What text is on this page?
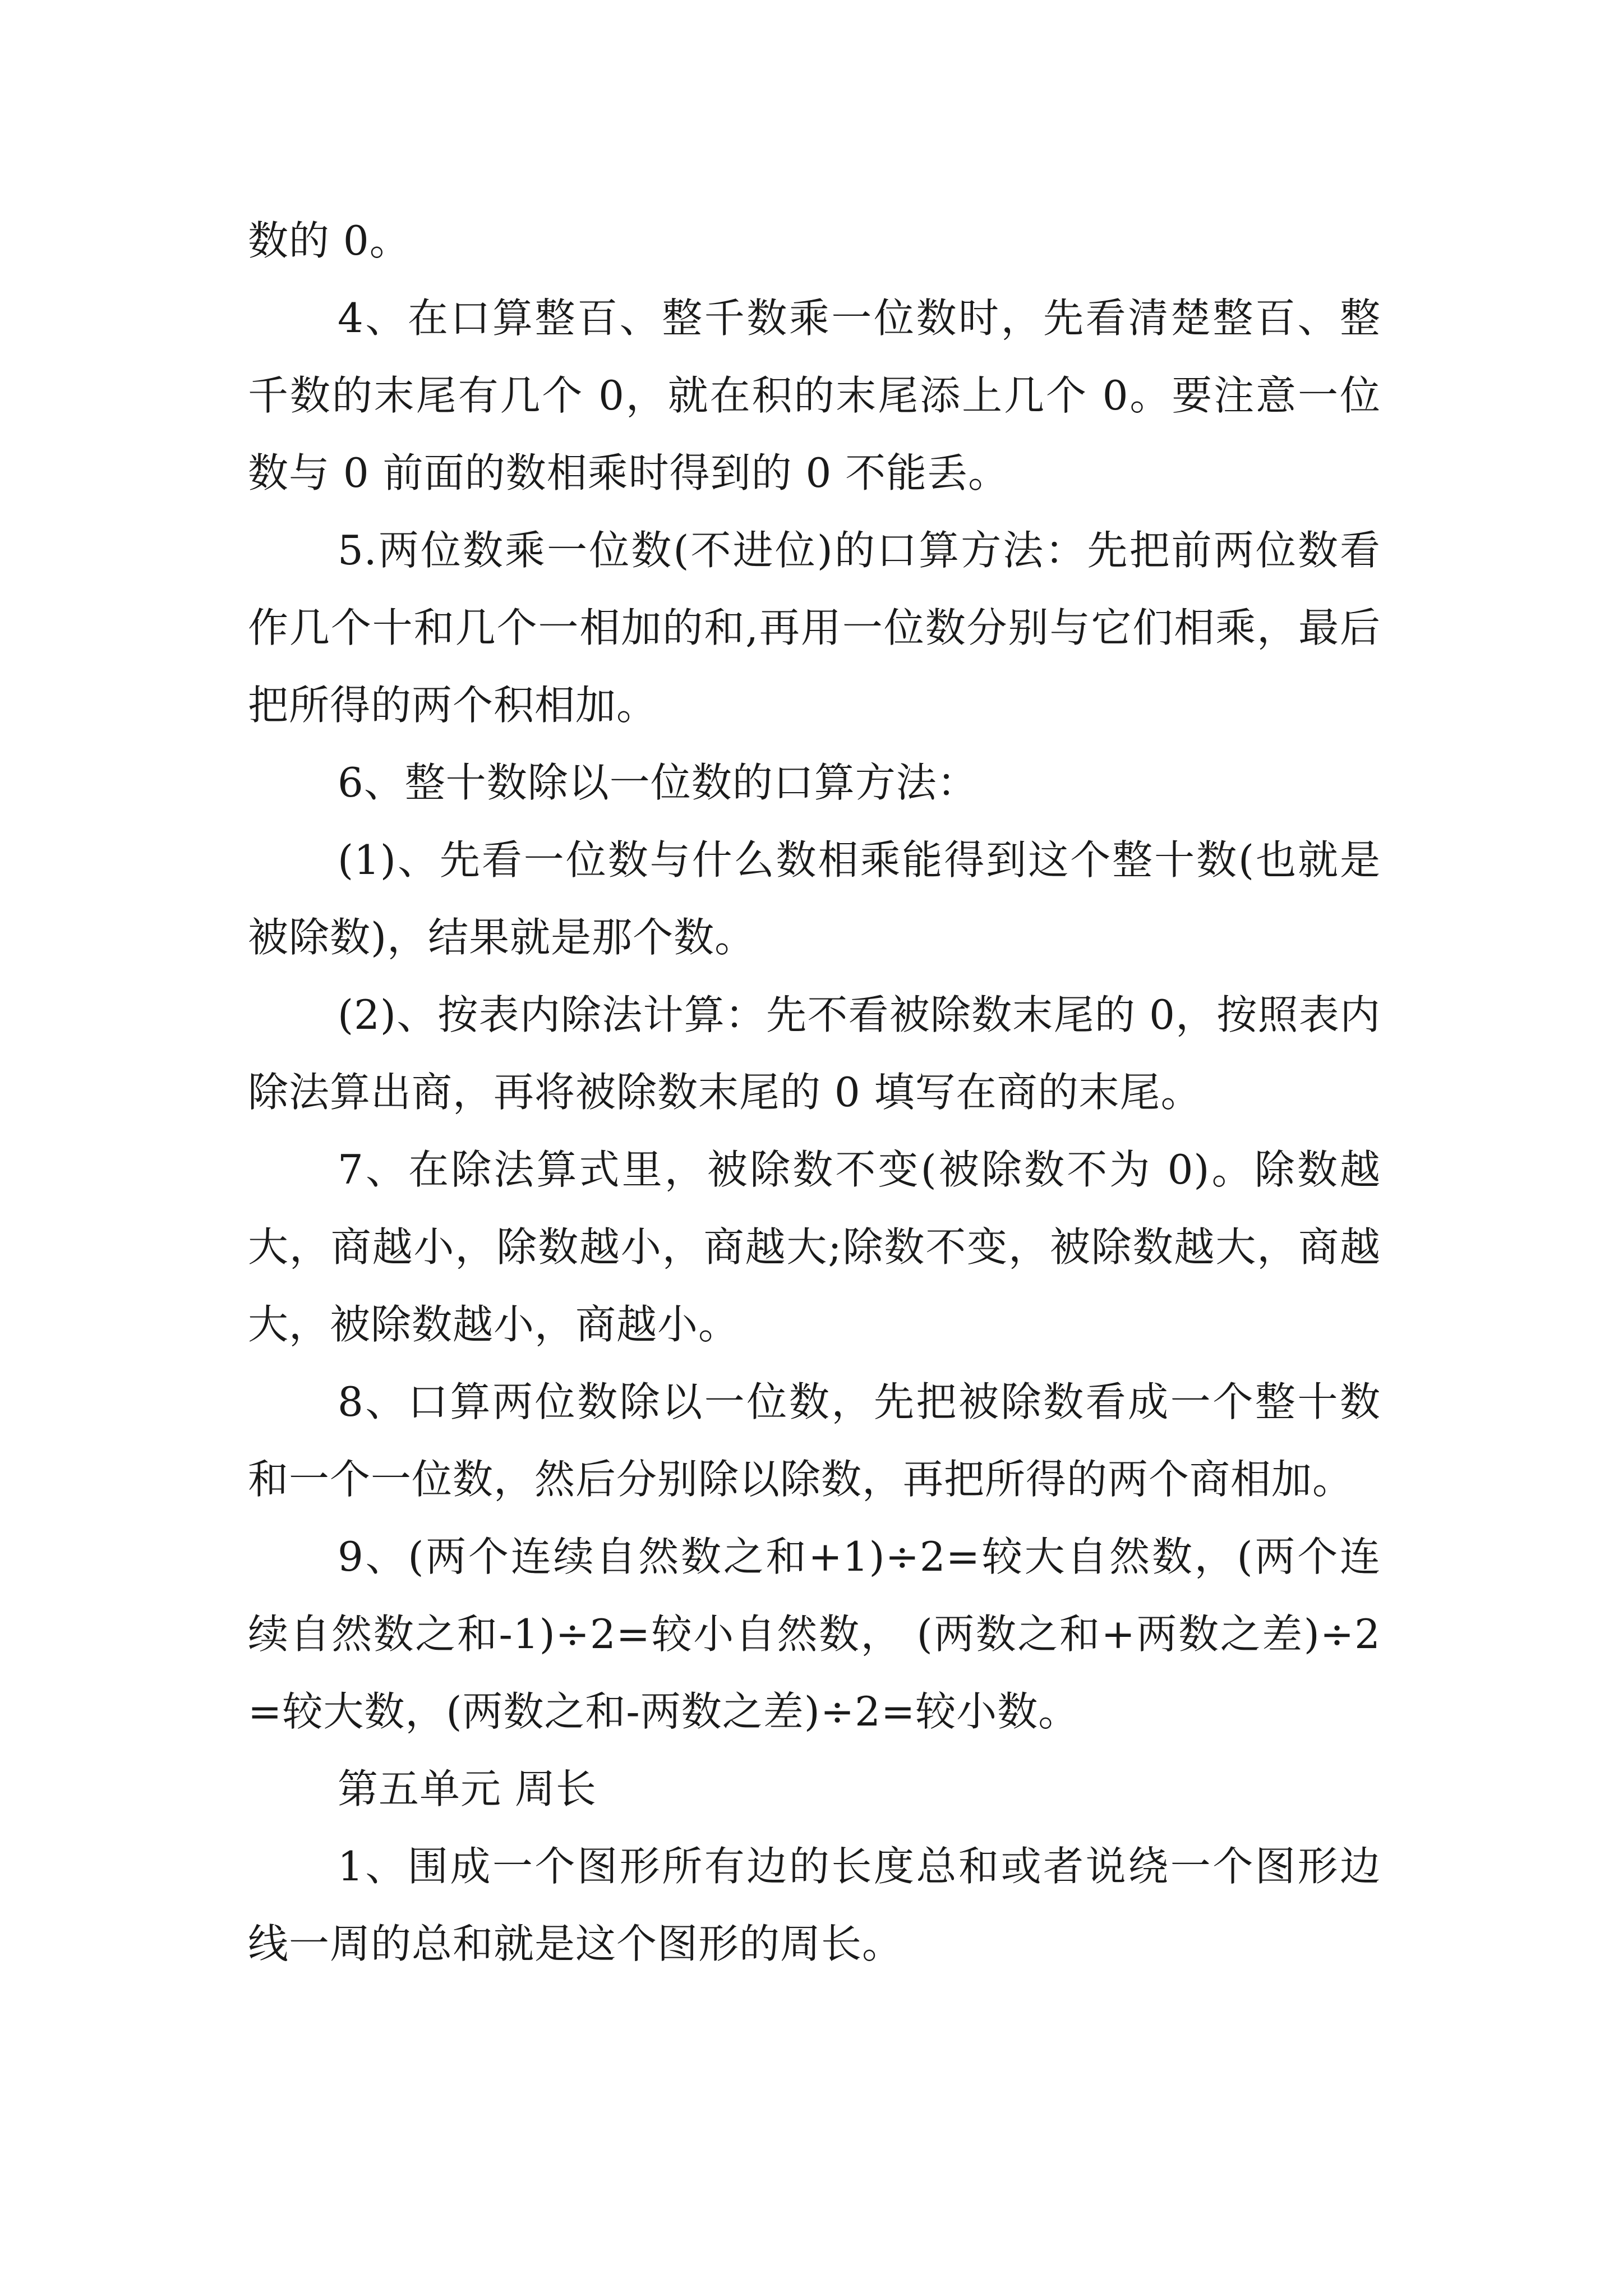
数的 0。

4、在口算整百、整千数乘一位数时，先看清楚整百、整千数的末尾有几个 0，就在积的末尾添上几个 0。要注意一位数与 0 前面的数相乘时得到的 0 不能丢。

5.两位数乘一位数(不进位)的口算方法：先把前两位数看作几个十和几个一相加的和,再用一位数分别与它们相乘，最后把所得的两个积相加。

6、整十数除以一位数的口算方法：

(1)、先看一位数与什么数相乘能得到这个整十数(也就是被除数)，结果就是那个数。

(2)、按表内除法计算：先不看被除数末尾的 0，按照表内除法算出商，再将被除数末尾的 0 填写在商的末尾。

7、在除法算式里，被除数不变(被除数不为 0)。除数越大，商越小，除数越小，商越大;除数不变，被除数越大，商越大，被除数越小，商越小。

8、口算两位数除以一位数，先把被除数看成一个整十数和一个一位数，然后分别除以除数，再把所得的两个商相加。

9、(两个连续自然数之和+1)÷2=较大自然数，(两个连续自然数之和-1)÷2=较小自然数， (两数之和+两数之差)÷2=较大数，(两数之和-两数之差)÷2=较小数。

第五单元 周长

1、围成一个图形所有边的长度总和或者说绕一个图形边线一周的总和就是这个图形的周长。
